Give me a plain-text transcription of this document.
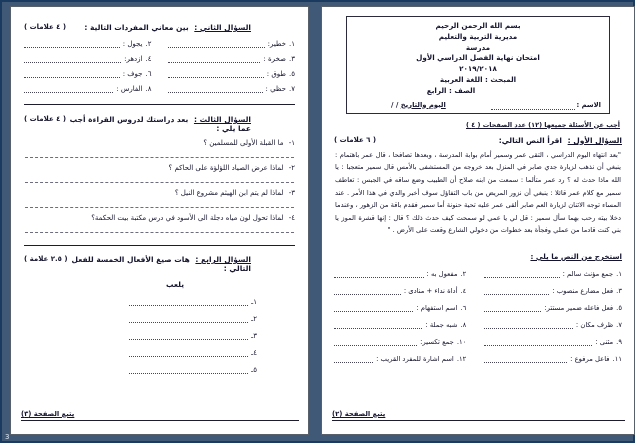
السؤال الثاني : بين معاني المفردات التالية :
( ٤ علامات )
١.
خطير:
٢.
يجول :
٣.
صخرة :
٤.
ازدهر:
٥.
طوق :
٦.
جوف :
٧.
حظي :
٨.
الفارس :
السؤال الثالث : بعد دراستك لدروس القراءة أجب عما يلي :
( ٤ علامات )
١- ما القبلة الأولى للمسلمين ؟
٢- لماذا عرض الصياد اللؤلؤة على الحاكم ؟
٣- لماذا لم يتم ابن الهيثم مشروع النيل ؟
٤- لماذا تحول لون مياه دجلة الى الأسود في درس مكتبة بيت الحكمة؟
السؤال الرابع : هات صيغ الأفعال الخمسة للفعل التالي :
( ٢.٥ علامة )
يلعب
١ـ
٢ـ
٣ـ
٤ـ
٥ـ
يتبع الصفحة (٣)
بسم الله الرحمن الرحيم
مديرية التربية والتعليم
مدرسة
امتحان نهاية الفصل الدراسي الأول
٢٠١٩/٢٠١٨
المبحث : اللغة العربية
الصف : الرابع
الاسم :
اليوم والتاريخ / /
أجب عن الأسئلة جميعها (١٢) عدد الصفحات ( ٤ )
السؤال الأول : اقرأ النص التالي:
( ٦ علامات )
"بعد انتهاء اليوم الدراسي ، التقى عمر وسمير أمام بوابة المدرسة ، وبعدها تصافحا ، قال عمر باهتمام : ينبغي أن نذهب لزيارة جدي صابر في المنزل بعد خروجه من المستشفى بالأمس قال سمير متعجبا : يا الله ماذا حدث له ؟ رد عمر متألما : سمعت من ابنه صلاح أن الطبيب وضع ساقه في الجبس : تعاطف سمير مع كلام عمر قائلا : ينبغي أن نزور المريض من باب التفاؤل سوف أخبر والدي في هذا الأمر . عند المساء توجه الاثنان لزيارة العم صابر ألقى عمر عليه تحية حنونة أما سمير فقدم باقة من الزهور ، وعندما دخلا بيته رحب بهما سأل سمير : قل لي يا عمي لو سمحت كيف حدث ذلك ؟ قال : إنها قشرة الموز يا بني كنت قادما من عملي وفجأة بعد خطوات من دخولي الشارع وقعت على الأرض . "
استخرج من النص ما يلي :
١.
جمع مؤنث سالم :
٢.
مفعول به :
٣.
فعل مضارع منصوب :
٤.
أداة نداء + منادى :
٥.
فعل فاعله ضمير مستتر:
٦.
اسم استفهام :
٧.
ظرف مكان :
٨.
شبه جملة :
٩.
مثنى :
١٠.
جمع تكسير:
١١.
فاعل مرفوع :
١٢.
اسم اشارة للمفرد القريب :
يتبع الصفحة (٢)
3
